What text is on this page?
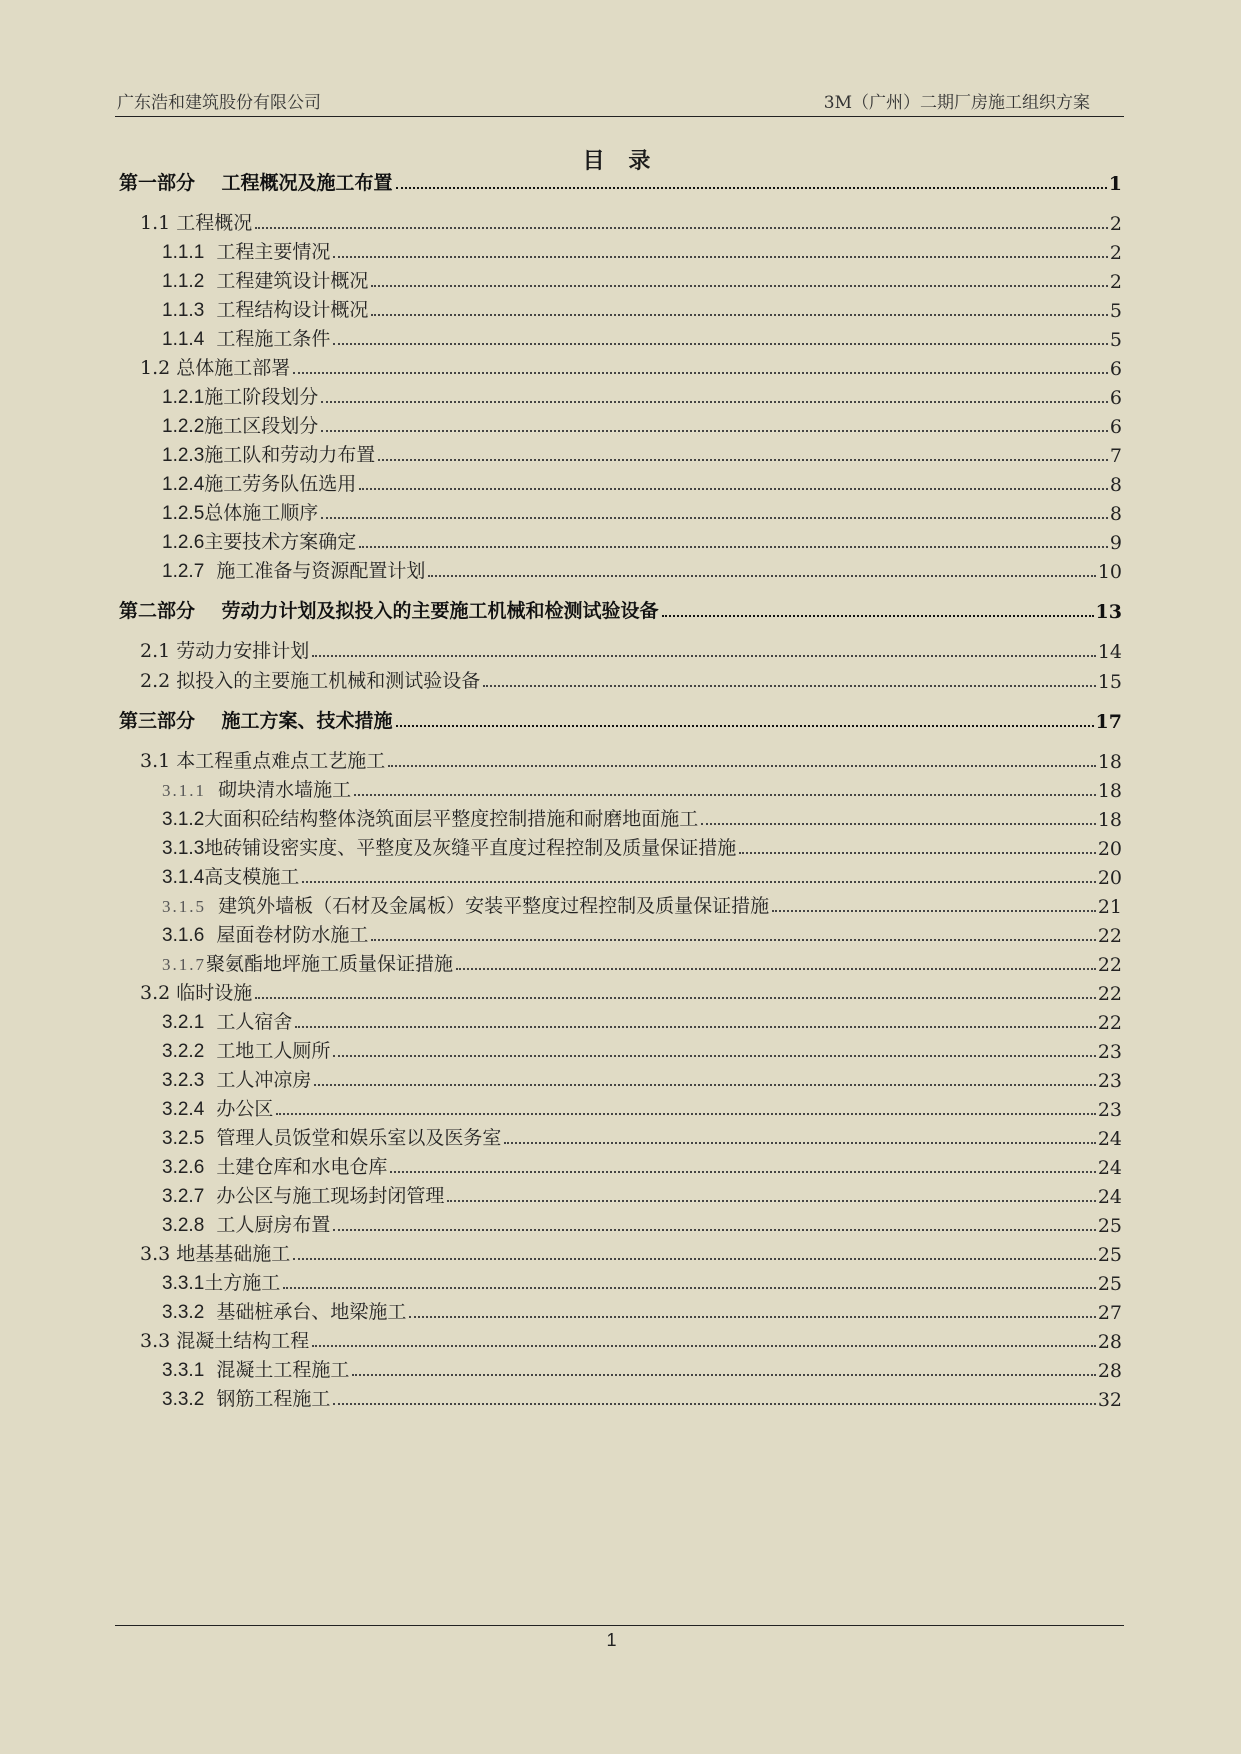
广东浩和建筑股份有限公司	3M（广州）二期厂房施工组织方案
目 录
第一部分 工程概况及施工布置	1
1.1 工程概况	2
1.1.1 工程主要情况	2
1.1.2 工程建筑设计概况	2
1.1.3 工程结构设计概况	5
1.1.4 工程施工条件	5
1.2 总体施工部署	6
1.2.1施工阶段划分	6
1.2.2施工区段划分	6
1.2.3施工队和劳动力布置	7
1.2.4施工劳务队伍选用	8
1.2.5总体施工顺序	8
1.2.6主要技术方案确定	9
1.2.7 施工准备与资源配置计划	10
第二部分 劳动力计划及拟投入的主要施工机械和检测试验设备	13
2.1 劳动力安排计划	14
2.2 拟投入的主要施工机械和测试验设备	15
第三部分 施工方案、技术措施	17
3.1 本工程重点难点工艺施工	18
3.1.1 砌块清水墙施工	18
3.1.2大面积砼结构整体浇筑面层平整度控制措施和耐磨地面施工	18
3.1.3地砖铺设密实度、平整度及灰缝平直度过程控制及质量保证措施	20
3.1.4高支模施工	20
3.1.5 建筑外墙板（石材及金属板）安装平整度过程控制及质量保证措施	21
3.1.6 屋面卷材防水施工	22
3.1.7聚氨酯地坪施工质量保证措施	22
3.2 临时设施	22
3.2.1 工人宿舍	22
3.2.2 工地工人厕所	23
3.2.3 工人冲凉房	23
3.2.4 办公区	23
3.2.5 管理人员饭堂和娱乐室以及医务室	24
3.2.6 土建仓库和水电仓库	24
3.2.7 办公区与施工现场封闭管理	24
3.2.8 工人厨房布置	25
3.3 地基基础施工	25
3.3.1土方施工	25
3.3.2 基础桩承台、地梁施工	27
3.3 混凝土结构工程	28
3.3.1 混凝土工程施工	28
3.3.2 钢筋工程施工	32
1
